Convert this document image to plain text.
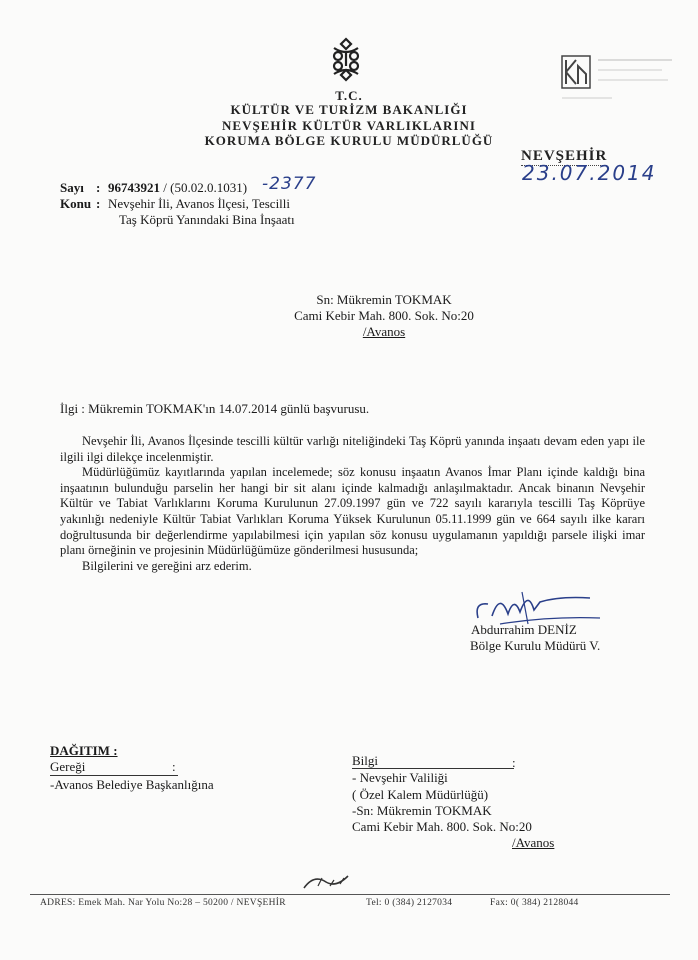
T.C.
KÜLTÜR VE TURİZM BAKANLIĞI
NEVŞEHİR KÜLTÜR VARLIKLARINI
KORUMA BÖLGE KURULU MÜDÜRLÜĞÜ
NEVŞEHİR
23.07.2014
Sayı : 96743921 / (50.02.0.1031) -2377
Konu : Nevşehir İli, Avanos İlçesi, Tescilli
Taş Köprü Yanındaki Bina İnşaatı
Sn: Mükremin TOKMAK
Cami Kebir Mah. 800. Sok. No:20
/Avanos
İlgi : Mükremin TOKMAK'ın 14.07.2014 günlü başvurusu.

Nevşehir İli, Avanos İlçesinde tescilli kültür varlığı niteliğindeki Taş Köprü yanında inşaatı devam eden yapı ile ilgili ilgi dilekçe incelenmiştir.

Müdürlüğümüz kayıtlarında yapılan incelemede; söz konusu inşaatın Avanos İmar Planı içinde kaldığı bina inşaatının bulunduğu parselin her hangi bir sit alanı içinde kalmadığı anlaşılmaktadır. Ancak binanın Nevşehir Kültür ve Tabiat Varlıklarını Koruma Kurulunun 27.09.1997 gün ve 722 sayılı kararıyla tescilli Taş Köprüye yakınlığı nedeniyle Kültür Tabiat Varlıkları Koruma Yüksek Kurulunun 05.11.1999 gün ve 664 sayılı ilke kararı doğrultusunda bir değerlendirme yapılabilmesi için yapılan söz konusu uygulamanın yapıldığı parsele ilişki imar planı örneğinin ve projesinin Müdürlüğümüze gönderilmesi hususunda;

Bilgilerini ve gereğini arz ederim.

Abdurrahim DENİZ
Bölge Kurulu Müdürü V.
DAĞITIM :
Gereği	:
-Avanos Belediye Başkanlığına
Bilgi	:
- Nevşehir Valiliği
( Özel Kalem Müdürlüğü)
-Sn: Mükremin TOKMAK
Cami Kebir Mah. 800. Sok. No:20
/Avanos
ADRES: Emek Mah. Nar Yolu No:28 – 50200 / NEVŞEHİR	Tel: 0 (384) 2127034	Fax: 0( 384) 2128044
